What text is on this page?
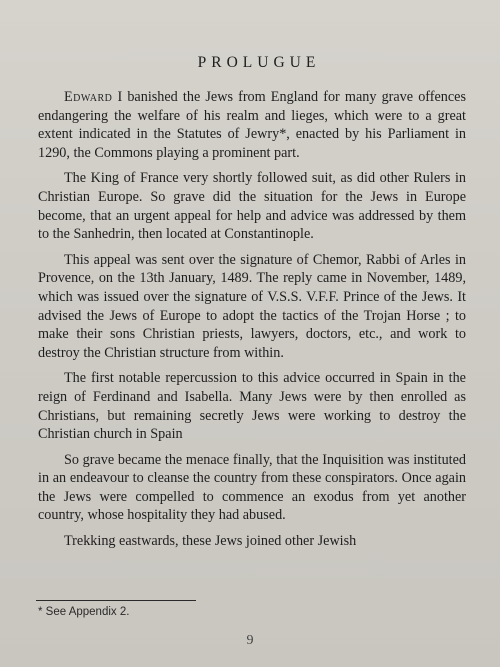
PROLUGUE

Edward I banished the Jews from England for many grave offences endangering the welfare of his realm and lieges, which were to a great extent indicated in the Statutes of Jewry*, enacted by his Parliament in 1290, the Commons playing a prominent part.

The King of France very shortly followed suit, as did other Rulers in Christian Europe. So grave did the situation for the Jews in Europe become, that an urgent appeal for help and advice was addressed by them to the Sanhedrin, then located at Constantinople.

This appeal was sent over the signature of Chemor, Rabbi of Arles in Provence, on the 13th January, 1489. The reply came in November, 1489, which was issued over the signature of V.S.S. V.F.F. Prince of the Jews. It advised the Jews of Europe to adopt the tactics of the Trojan Horse ; to make their sons Christian priests, lawyers, doctors, etc., and work to destroy the Christian structure from within.

The first notable repercussion to this advice occurred in Spain in the reign of Ferdinand and Isabella. Many Jews were by then enrolled as Christians, but remaining secretly Jews were working to destroy the Christian church in Spain

So grave became the menace finally, that the Inquisition was instituted in an endeavour to cleanse the country from these conspirators. Once again the Jews were compelled to commence an exodus from yet another country, whose hospitality they had abused.

Trekking eastwards, these Jews joined other Jewish

* See Appendix 2.
9
